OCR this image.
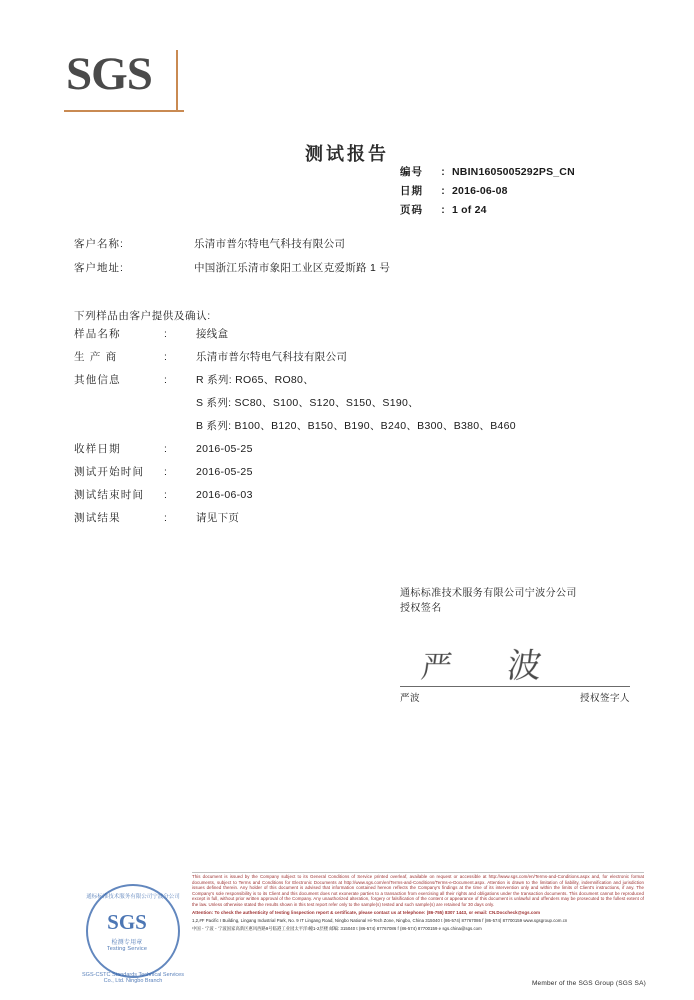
SGS
测试报告
编号	: NBIN1605005292PS_CN
日期	: 2016-06-08
页码	: 1 of 24
客户名称:	乐清市普尔特电气科技有限公司
客户地址:	中国浙江乐清市象阳工业区克爱斯路 1 号
下列样品由客户提供及确认:
样品名称	:	接线盒
生 产 商	:	乐清市普尔特电气科技有限公司
其他信息	:	R 系列: RO65、RO80、
S 系列: SC80、S100、S120、S150、S190、
B 系列: B100、B120、B150、B190、B240、B300、B380、B460
收样日期	:	2016-05-25
测试开始时间	:	2016-05-25
测试结束时间	:	2016-06-03
测试结果	:	请见下页
通标标准技术服务有限公司宁波分公司
授权签名
严 波
严波	授权签字人
通标标准技术服务有限公司宁波分公司
SGS
检测专用章
Testing Service
SGS-CSTC Standards Technical Services Co., Ltd. Ningbo Branch

This document is issued by the Company subject to its General Conditions of Service printed overleaf, available on request or accessible at http://www.sgs.com/en/Terms-and-Conditions.aspx and, for electronic format documents, subject to Terms and Conditions for Electronic Documents at http://www.sgs.com/en/Terms-and-Conditions/Terms-e-Document.aspx. Attention is drawn to the limitation of liability, indemnification and jurisdiction issues defined therein. Any holder of this document is advised that information contained hereon reflects the Company's findings at the time of its intervention only and within the limits of Client's instructions, if any. The Company's sole responsibility is to its Client and this document does not exonerate parties to a transaction from exercising all their rights and obligations under the transaction documents. This document cannot be reproduced except in full, without prior written approval of the Company. Any unauthorized alteration, forgery or falsification of the content or appearance of this document is unlawful and offenders may be prosecuted to the fullest extent of the law. Unless otherwise stated the results shown in this test report refer only to the sample(s) tested and such sample(s) are retained for 30 days only.

Attention: To check the authenticity of testing /inspection report & certificate, please contact us at telephone: (86-755) 8307 1443, or email: CN.Doccheck@sgs.com

1,2,#F Pacific I Building, Lingang Industrial Park, No. 9 IT Lingang Road, Ningbo National Hi-Tech Zone, Ningbo, China 315040 t (86-574) 87767086 f (86-574) 87700159 www.sgsgroup.com.cn

中国・宁波・宁波国家高新区惠风西路9号临港工业园太平洋I幢1-2层楼 邮编: 315040 t (86-574) 87767086 f (86-574) 87700159 e sgs.china@sgs.com

Member of the SGS Group (SGS SA)
